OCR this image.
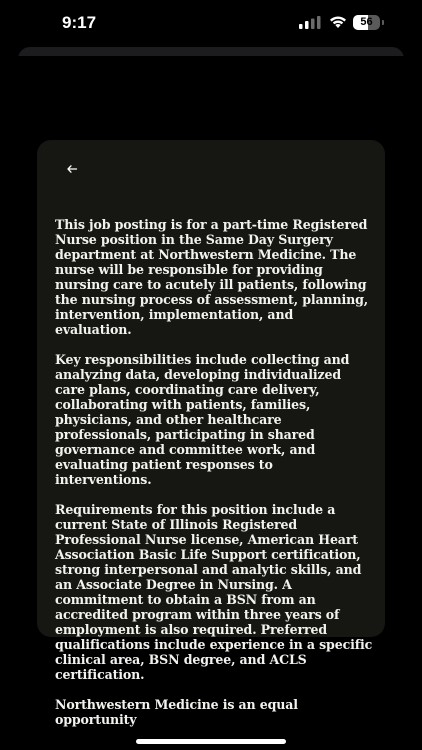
9:17	56

This job posting is for a part-time Registered Nurse position in the Same Day Surgery department at Northwestern Medicine. The nurse will be responsible for providing nursing care to acutely ill patients, following the nursing process of assessment, planning, intervention, implementation, and evaluation.

Key responsibilities include collecting and analyzing data, developing individualized care plans, coordinating care delivery, collaborating with patients, families, physicians, and other healthcare professionals, participating in shared governance and committee work, and evaluating patient responses to interventions.

Requirements for this position include a current State of Illinois Registered Professional Nurse license, American Heart Association Basic Life Support certification, strong interpersonal and analytic skills, and an Associate Degree in Nursing. A commitment to obtain a BSN from an accredited program within three years of employment is also required. Preferred qualifications include experience in a specific clinical area, BSN degree, and ACLS certification.

Northwestern Medicine is an equal opportunity
